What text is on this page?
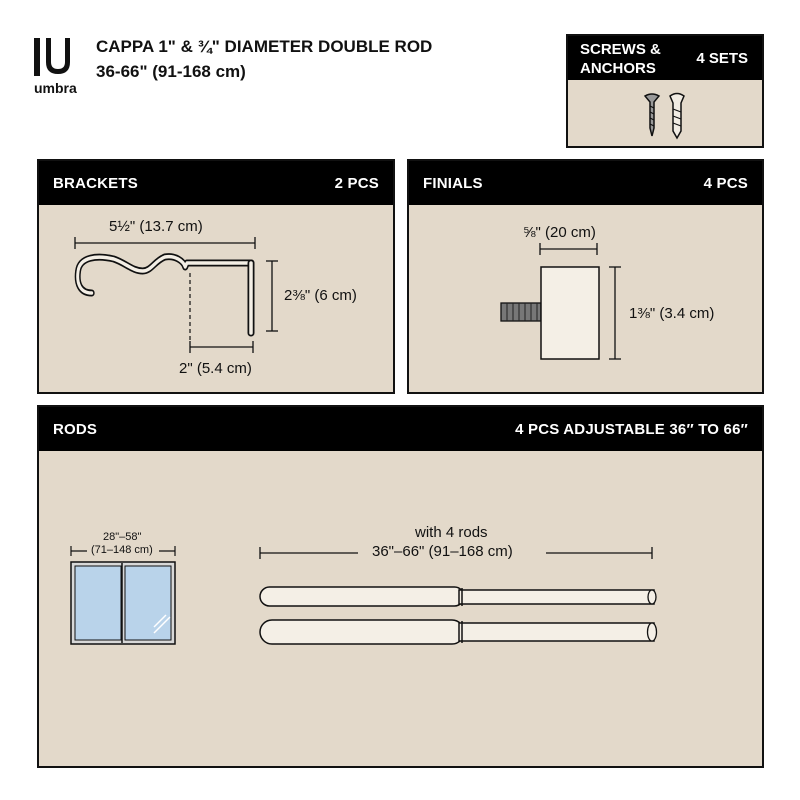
umbra
CAPPA 1" & ¾" DIAMETER DOUBLE ROD
36-66" (91-168 cm)
SCREWS &
ANCHORS
4 SETS
BRACKETS	2 PCS
5½" (13.7 cm)
2⅜" (6 cm)
2" (5.4 cm)
FINIALS	4 PCS
⅝" (20 cm)
1⅜" (3.4 cm)
RODS	4 PCS ADJUSTABLE 36″ TO 66″
28"–58"
(71–148 cm)
with 4 rods
36"–66" (91–168 cm)
